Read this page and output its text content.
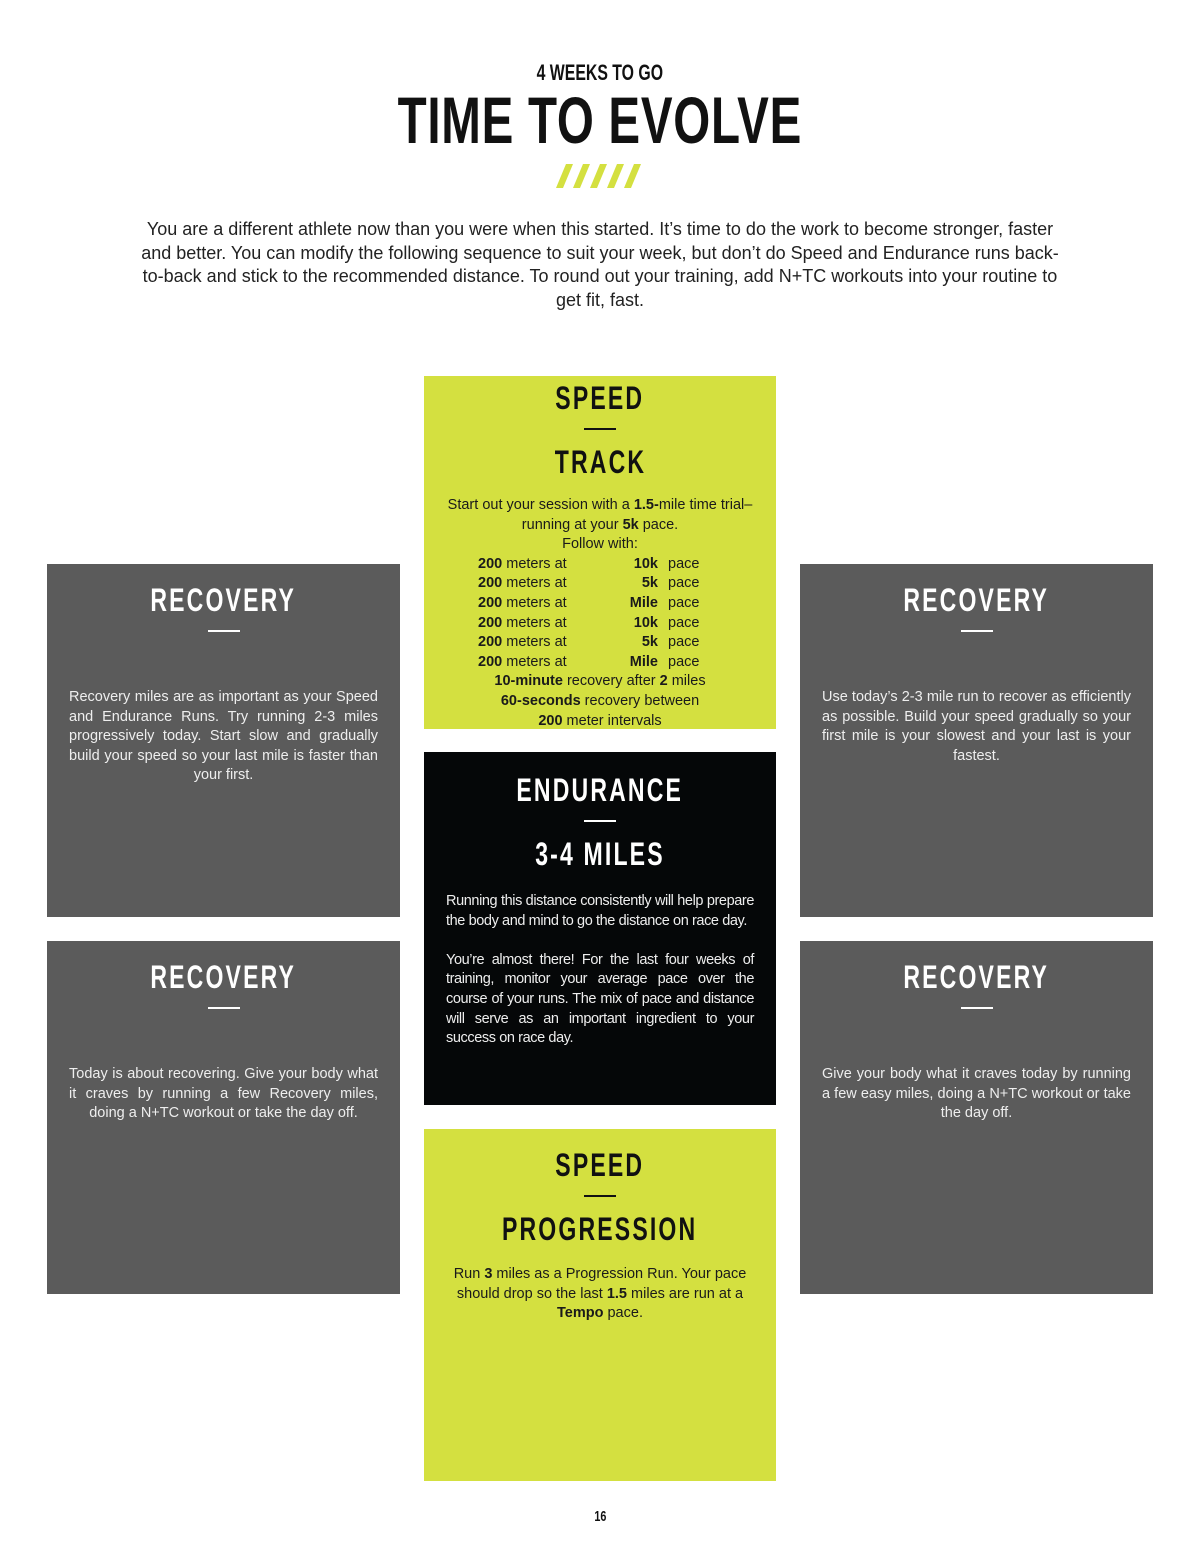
4 WEEKS TO GO
TIME TO EVOLVE
You are a different athlete now than you were when this started. It’s time to do the work to become stronger, faster and better. You can modify the following sequence to suit your week, but don’t do Speed and Endurance runs back-to-back and stick to the recommended distance. To round out your training, add N+TC workouts into your routine to get fit, fast.
SPEED
TRACK
Start out your session with a 1.5-mile time trial–running at your 5k pace.
Follow with:
200 meters at	10k pace
200 meters at	5k pace
200 meters at	Mile pace
200 meters at	10k pace
200 meters at	5k pace
200 meters at	Mile pace
10-minute recovery after 2 miles
60-seconds recovery between
200 meter intervals
ENDURANCE
3-4 MILES
Running this distance consistently will help prepare the body and mind to go the distance on race day.
You’re almost there! For the last four weeks of training, monitor your average pace over the course of your runs. The mix of pace and distance will serve as an important ingredient to your success on race day.
SPEED
PROGRESSION
Run 3 miles as a Progression Run. Your pace should drop so the last 1.5 miles are run at a Tempo pace.
RECOVERY
Recovery miles are as important as your Speed and Endurance Runs. Try running 2-3 miles progressively today. Start slow and gradually build your speed so your last mile is faster than your first.
RECOVERY
Use today’s 2-3 mile run to recover as efficiently as possible. Build your speed gradually so your first mile is your slowest and your last is your fastest.
RECOVERY
Today is about recovering. Give your body what it craves by running a few Recovery miles, doing a N+TC workout or take the day off.
RECOVERY
Give your body what it craves today by running a few easy miles, doing a N+TC workout or take the day off.
16
